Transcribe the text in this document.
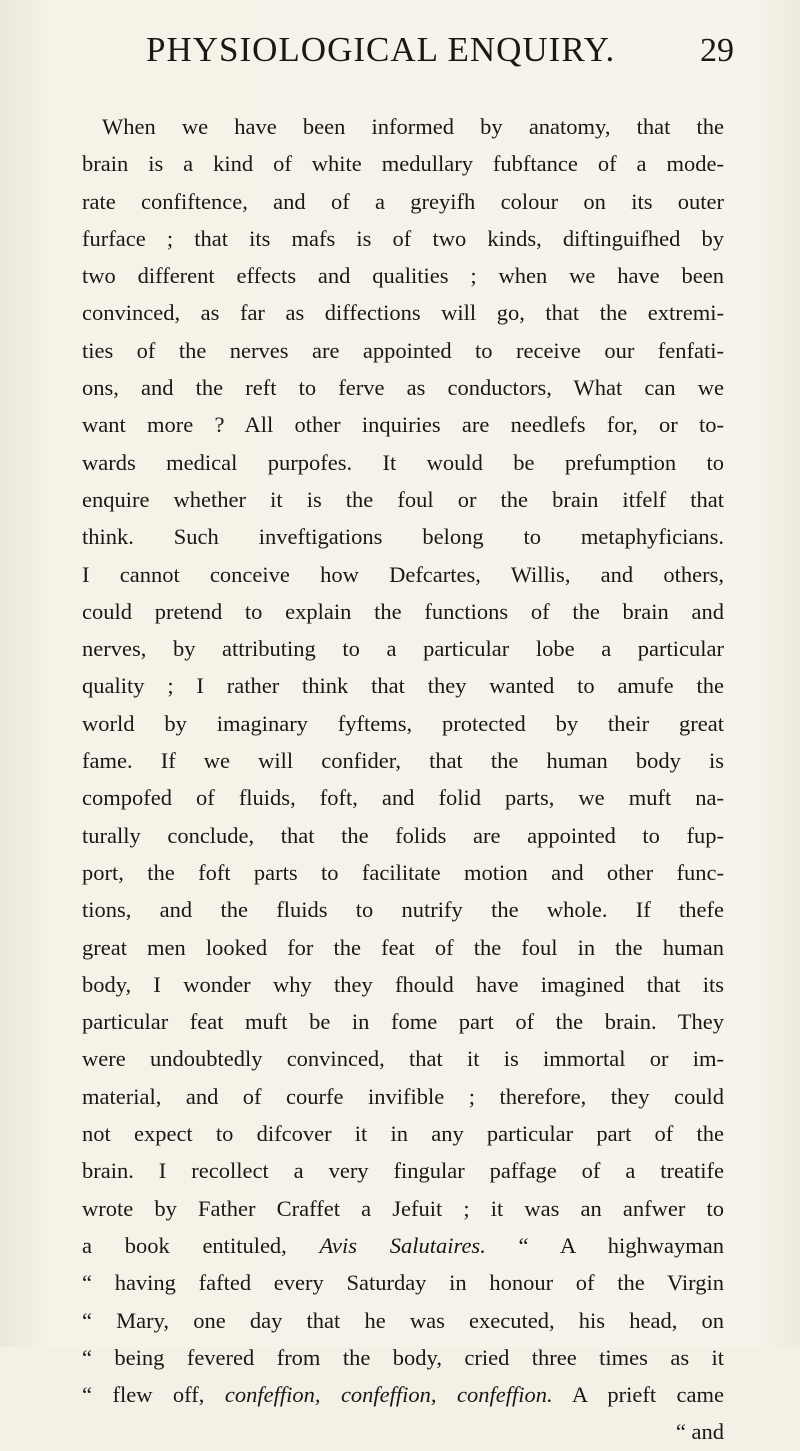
PHYSIOLOGICAL ENQUIRY. 29
When we have been informed by anatomy, that the
brain is a kind of white medullary fubftance of a mode-
rate confiftence, and of a greyifh colour on its outer
furface ; that its mafs is of two kinds, diftinguifhed by
two different effects and qualities ; when we have been
convinced, as far as diffections will go, that the extremi-
ties of the nerves are appointed to receive our fenfati-
ons, and the reft to ferve as conductors, What can we
want more ? All other inquiries are needlefs for, or to-
wards medical purpofes. It would be prefumption to
enquire whether it is the foul or the brain itfelf that
think. Such inveftigations belong to metaphyficians.
I cannot conceive how Defcartes, Willis, and others,
could pretend to explain the functions of the brain and
nerves, by attributing to a particular lobe a particular
quality ; I rather think that they wanted to amufe the
world by imaginary fyftems, protected by their great
fame. If we will confider, that the human body is
compofed of fluids, foft, and folid parts, we muft na-
turally conclude, that the folids are appointed to fup-
port, the foft parts to facilitate motion and other func-
tions, and the fluids to nutrify the whole. If thefe
great men looked for the feat of the foul in the human
body, I wonder why they fhould have imagined that its
particular feat muft be in fome part of the brain. They
were undoubtedly convinced, that it is immortal or im-
material, and of courfe invifible ; therefore, they could
not expect to difcover it in any particular part of the
brain. I recollect a very fingular paffage of a treatife
wrote by Father Craffet a Jefuit ; it was an anfwer to
a book entituled, Avis Salutaires. “ A highwayman
“ having fafted every Saturday in honour of the Virgin
“ Mary, one day that he was executed, his head, on
“ being fevered from the body, cried three times as it
“ flew off, confeffion, confeffion, confeffion. A prieft came
“ and
